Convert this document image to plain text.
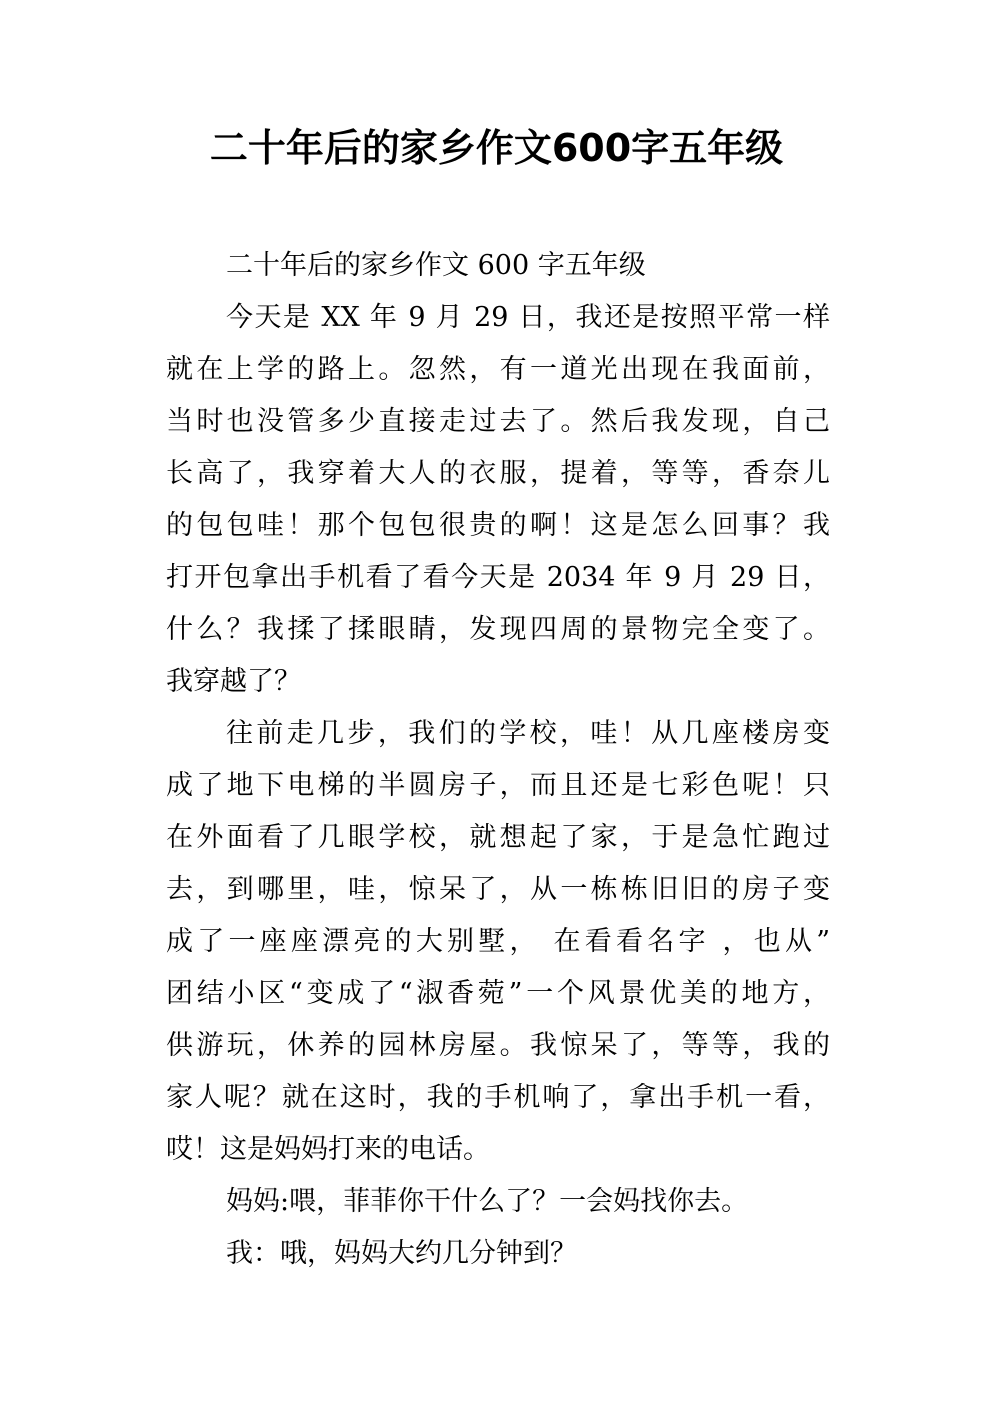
二十年后的家乡作文600字五年级
二十年后的家乡作文 600 字五年级
今天是 XX 年 9 月 29 日，我还是按照平常一样
就在上学的路上。忽然，有一道光出现在我面前，
当时也没管多少直接走过去了。然后我发现，自己
长高了，我穿着大人的衣服，提着，等等，香奈儿
的包包哇！那个包包很贵的啊！这是怎么回事？我
打开包拿出手机看了看今天是 2034 年 9 月 29 日，
什么？我揉了揉眼睛，发现四周的景物完全变了。
我穿越了？
往前走几步，我们的学校，哇！从几座楼房变
成了地下电梯的半圆房子，而且还是七彩色呢！只
在外面看了几眼学校，就想起了家，于是急忙跑过
去，到哪里，哇，惊呆了，从一栋栋旧旧的房子变
成了一座座漂亮的大别墅， 在看看名字 ，也从”
团结小区“变成了“淑香菀”一个风景优美的地方，
供游玩，休养的园林房屋。我惊呆了，等等，我的
家人呢？就在这时，我的手机响了，拿出手机一看，
哎！这是妈妈打来的电话。
妈妈:喂，菲菲你干什么了？一会妈找你去。
我：哦，妈妈大约几分钟到？
